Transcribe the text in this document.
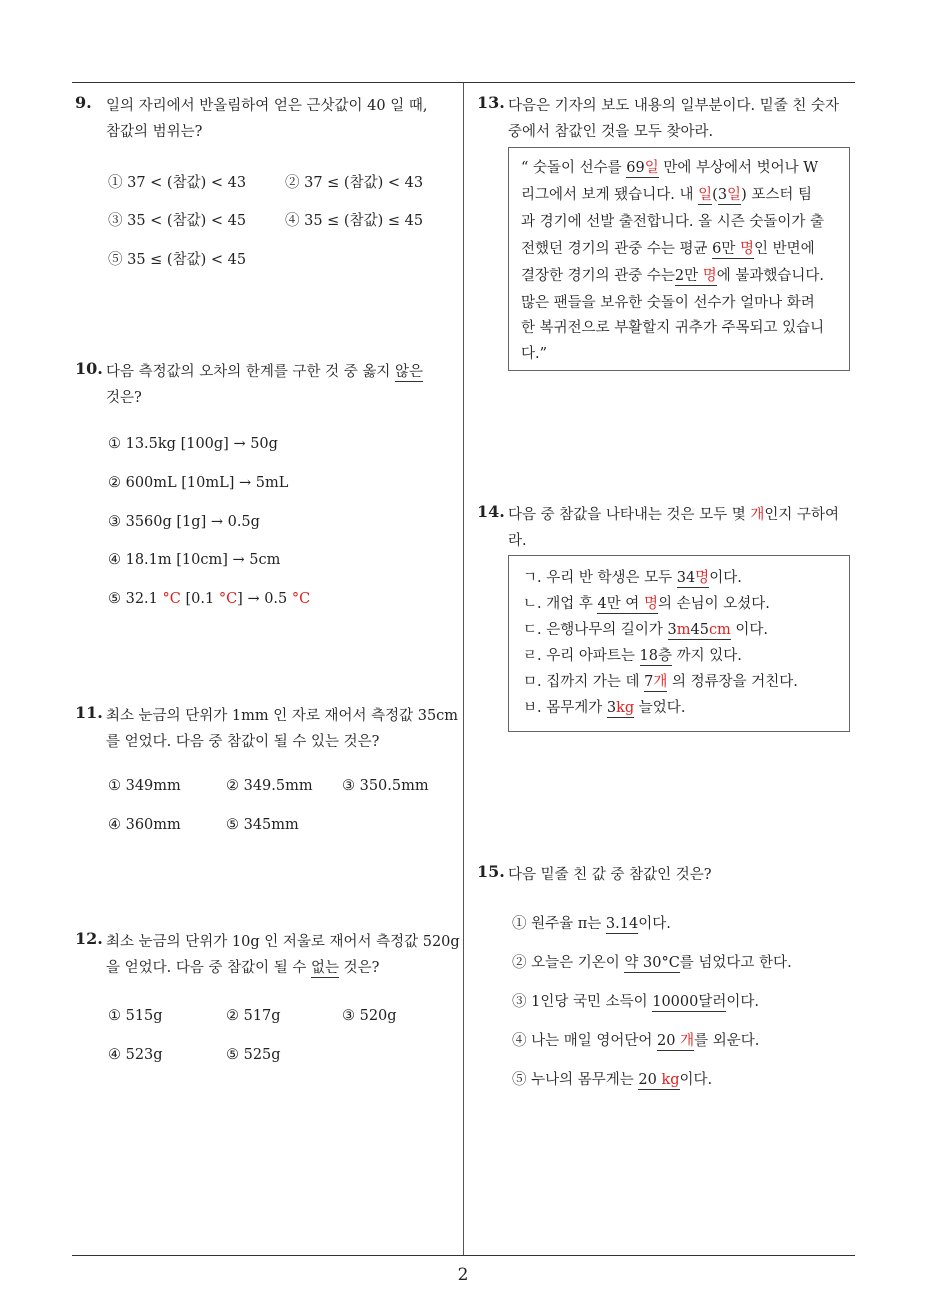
9. 일의 자리에서 반올림하여 얻은 근삿값이 40 일 때,
참값의 범위는?
① 37 < (참값) < 43	② 37 ≤ (참값) < 43
③ 35 < (참값) < 45	④ 35 ≤ (참값) ≤ 45
⑤ 35 ≤ (참값) < 45
10. 다음 측정값의 오차의 한계를 구한 것 중 옳지 않은
것은?
① 13.5kg [100g] → 50g
② 600mL [10mL] → 5mL
③ 3560g [1g] → 0.5g
④ 18.1m [10cm] → 5cm
⑤ 32.1 °C [0.1 °C] → 0.5 °C
11. 최소 눈금의 단위가 1mm 인 자로 재어서 측정값 35cm
를 얻었다. 다음 중 참값이 될 수 있는 것은?
① 349mm	② 349.5mm ③ 350.5mm
④ 360mm	⑤ 345mm
12. 최소 눈금의 단위가 10g 인 저울로 재어서 측정값 520g
을 얻었다. 다음 중 참값이 될 수 없는 것은?
① 515g	② 517g	③ 520g
④ 523g	⑤ 525g
13. 다음은 기자의 보도 내용의 일부분이다. 밑줄 친 숫자
중에서 참값인 것을 모두 찾아라.
“ 숫돌이 선수를 69일 만에 부상에서 벗어나 W
리그에서 보게 됐습니다. 내 일(3일) 포스터 팀
과 경기에 선발 출전합니다. 올 시즌 숫돌이가 출
전했던 경기의 관중 수는 평균 6만 명인 반면에
결장한 경기의 관중 수는2만 명에 불과했습니다.
많은 팬들을 보유한 숫돌이 선수가 얼마나 화려
한 복귀전으로 부활할지 귀추가 주목되고 있습니
다.”
14. 다음 중 참값을 나타내는 것은 모두 몇 개인지 구하여
라.
ㄱ. 우리 반 학생은 모두 34명이다.
ㄴ. 개업 후 4만 여 명의 손님이 오셨다.
ㄷ. 은행나무의 길이가 3m45cm 이다.
ㄹ. 우리 아파트는 18층 까지 있다.
ㅁ. 집까지 가는 데 7개 의 정류장을 거친다.
ㅂ. 몸무게가 3kg 늘었다.
15. 다음 밑줄 친 값 중 참값인 것은?
① 원주율 π는 3.14이다.
② 오늘은 기온이 약 30°C를 넘었다고 한다.
③ 1인당 국민 소득이 10000달러이다.
④ 나는 매일 영어단어 20 개를 외운다.
⑤ 누나의 몸무게는 20 kg이다.
2
